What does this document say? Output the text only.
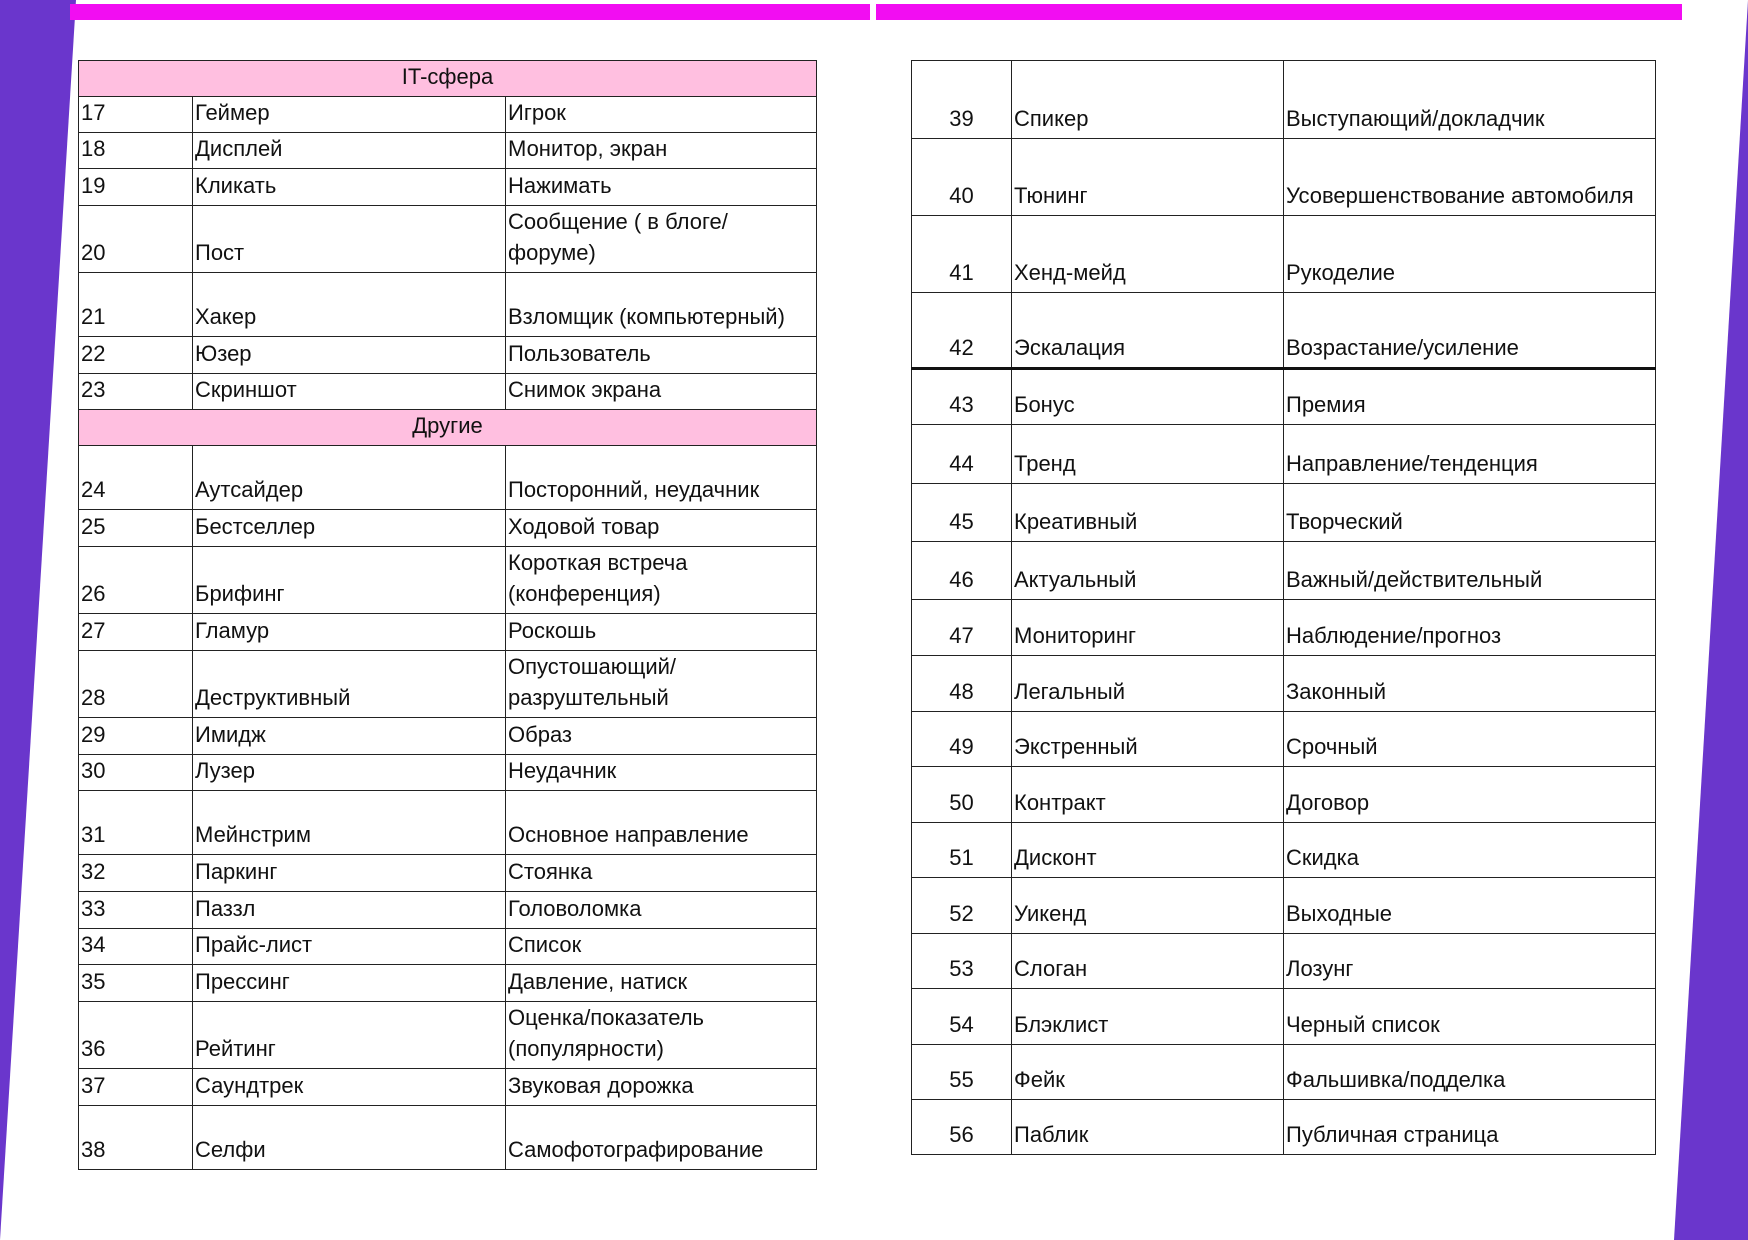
IT-сфера		
17	Геймер	Игрок
18	Дисплей	Монитор, экран
19	Кликать	Нажимать
20	Пост	Сообщение ( в блоге/ форуме)
21	Хакер	Взломщик (компьютерный)
22	Юзер	Пользователь
23	Скриншот	Снимок экрана
Другие		
24	Аутсайдер	Посторонний, неудачник
25	Бестселлер	Ходовой товар
26	Брифинг	Короткая встреча (конференция)
27	Гламур	Роскошь
28	Деструктивный	Опустошающий/ разруштельный
29	Имидж	Образ
30	Лузер	Неудачник
31	Мейнстрим	Основное направление
32	Паркинг	Стоянка
33	Паззл	Головоломка
34	Прайс-лист	Список
35	Прессинг	Давление, натиск
36	Рейтинг	Оценка/показатель (популярности)
37	Саундтрек	Звуковая дорожка
38	Селфи	Самофотографирование
39	Спикер	Выступающий/докладчик
40	Тюнинг	Усовершенствование автомобиля
41	Хенд-мейд	Рукоделие
42	Эскалация	Возрастание/усиление
43	Бонус	Премия
44	Тренд	Направление/тенденция
45	Креативный	Творческий
46	Актуальный	Важный/действительный
47	Мониторинг	Наблюдение/прогноз
48	Легальный	Законный
49	Экстренный	Срочный
50	Контракт	Договор
51	Дисконт	Скидка
52	Уикенд	Выходные
53	Слоган	Лозунг
54	Блэклист	Черный список
55	Фейк	Фальшивка/подделка
56	Паблик	Публичная страница
